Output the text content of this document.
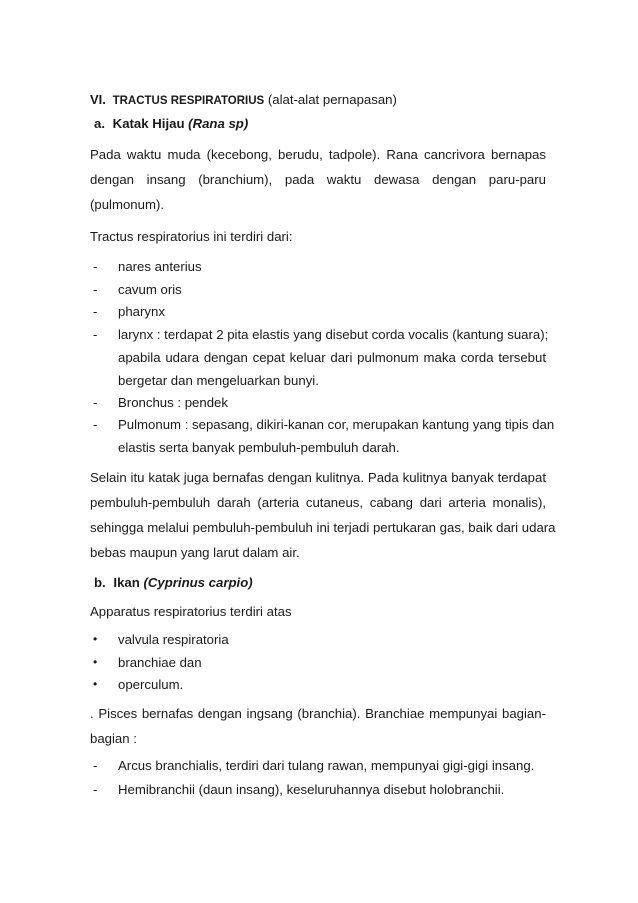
VI. TRACTUS RESPIRATORIUS (alat-alat pernapasan)
a. Katak Hijau (Rana sp)
Pada waktu muda (kecebong, berudu, tadpole). Rana cancrivora bernapas
dengan insang (branchium), pada waktu dewasa dengan paru-paru
(pulmonum).
Tractus respiratorius ini terdiri dari:
- nares anterius
- cavum oris
- pharynx
- larynx : terdapat 2 pita elastis yang disebut corda vocalis (kantung suara);
apabila udara dengan cepat keluar dari pulmonum maka corda tersebut
bergetar dan mengeluarkan bunyi.
- Bronchus : pendek
- Pulmonum : sepasang, dikiri-kanan cor, merupakan kantung yang tipis dan
elastis serta banyak pembuluh-pembuluh darah.
Selain itu katak juga bernafas dengan kulitnya. Pada kulitnya banyak terdapat
pembuluh-pembuluh darah (arteria cutaneus, cabang dari arteria monalis),
sehingga melalui pembuluh-pembuluh ini terjadi pertukaran gas, baik dari udara
bebas maupun yang larut dalam air.
b. Ikan (Cyprinus carpio)
Apparatus respiratorius terdiri atas
• valvula respiratoria
• branchiae dan
• operculum.
. Pisces bernafas dengan ingsang (branchia). Branchiae mempunyai bagian-
bagian :
- Arcus branchialis, terdiri dari tulang rawan, mempunyai gigi-gigi insang.
- Hemibranchii (daun insang), keseluruhannya disebut holobranchii.
